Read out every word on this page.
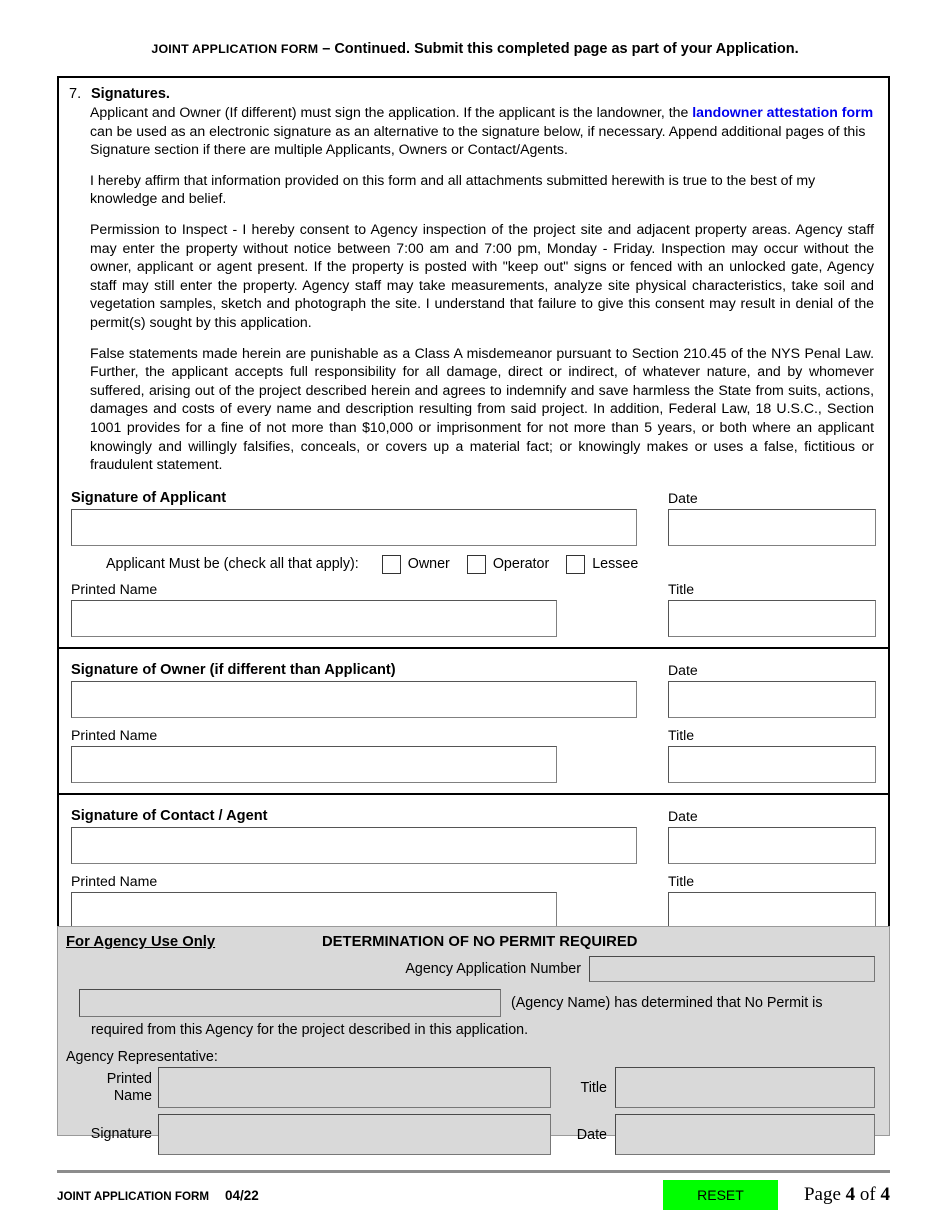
JOINT APPLICATION FORM – Continued. Submit this completed page as part of your Application.
7. Signatures.

Applicant and Owner (If different) must sign the application. If the applicant is the landowner, the landowner attestation form can be used as an electronic signature as an alternative to the signature below, if necessary. Append additional pages of this Signature section if there are multiple Applicants, Owners or Contact/Agents.

I hereby affirm that information provided on this form and all attachments submitted herewith is true to the best of my knowledge and belief.

Permission to Inspect - I hereby consent to Agency inspection of the project site and adjacent property areas. Agency staff may enter the property without notice between 7:00 am and 7:00 pm, Monday - Friday. Inspection may occur without the owner, applicant or agent present. If the property is posted with "keep out" signs or fenced with an unlocked gate, Agency staff may still enter the property. Agency staff may take measurements, analyze site physical characteristics, take soil and vegetation samples, sketch and photograph the site. I understand that failure to give this consent may result in denial of the permit(s) sought by this application.

False statements made herein are punishable as a Class A misdemeanor pursuant to Section 210.45 of the NYS Penal Law. Further, the applicant accepts full responsibility for all damage, direct or indirect, of whatever nature, and by whomever suffered, arising out of the project described herein and agrees to indemnify and save harmless the State from suits, actions, damages and costs of every name and description resulting from said project. In addition, Federal Law, 18 U.S.C., Section 1001 provides for a fine of not more than $10,000 or imprisonment for not more than 5 years, or both where an applicant knowingly and willingly falsifies, conceals, or covers up a material fact; or knowingly makes or uses a false, fictitious or fraudulent statement.

Signature of Applicant	Date
Applicant Must be (check all that apply):	Owner	Operator	Lessee
Printed Name	Title
Signature of Owner (if different than Applicant)	Date
Printed Name	Title
Signature of Contact / Agent	Date
Printed Name	Title
For Agency Use Only	DETERMINATION OF NO PERMIT REQUIRED
Agency Application Number
(Agency Name) has determined that No Permit is
required from this Agency for the project described in this application.
Agency Representative:
Printed
Name	Title
Signature	Date
JOINT APPLICATION FORM 04/22	RESET	Page 4 of 4
